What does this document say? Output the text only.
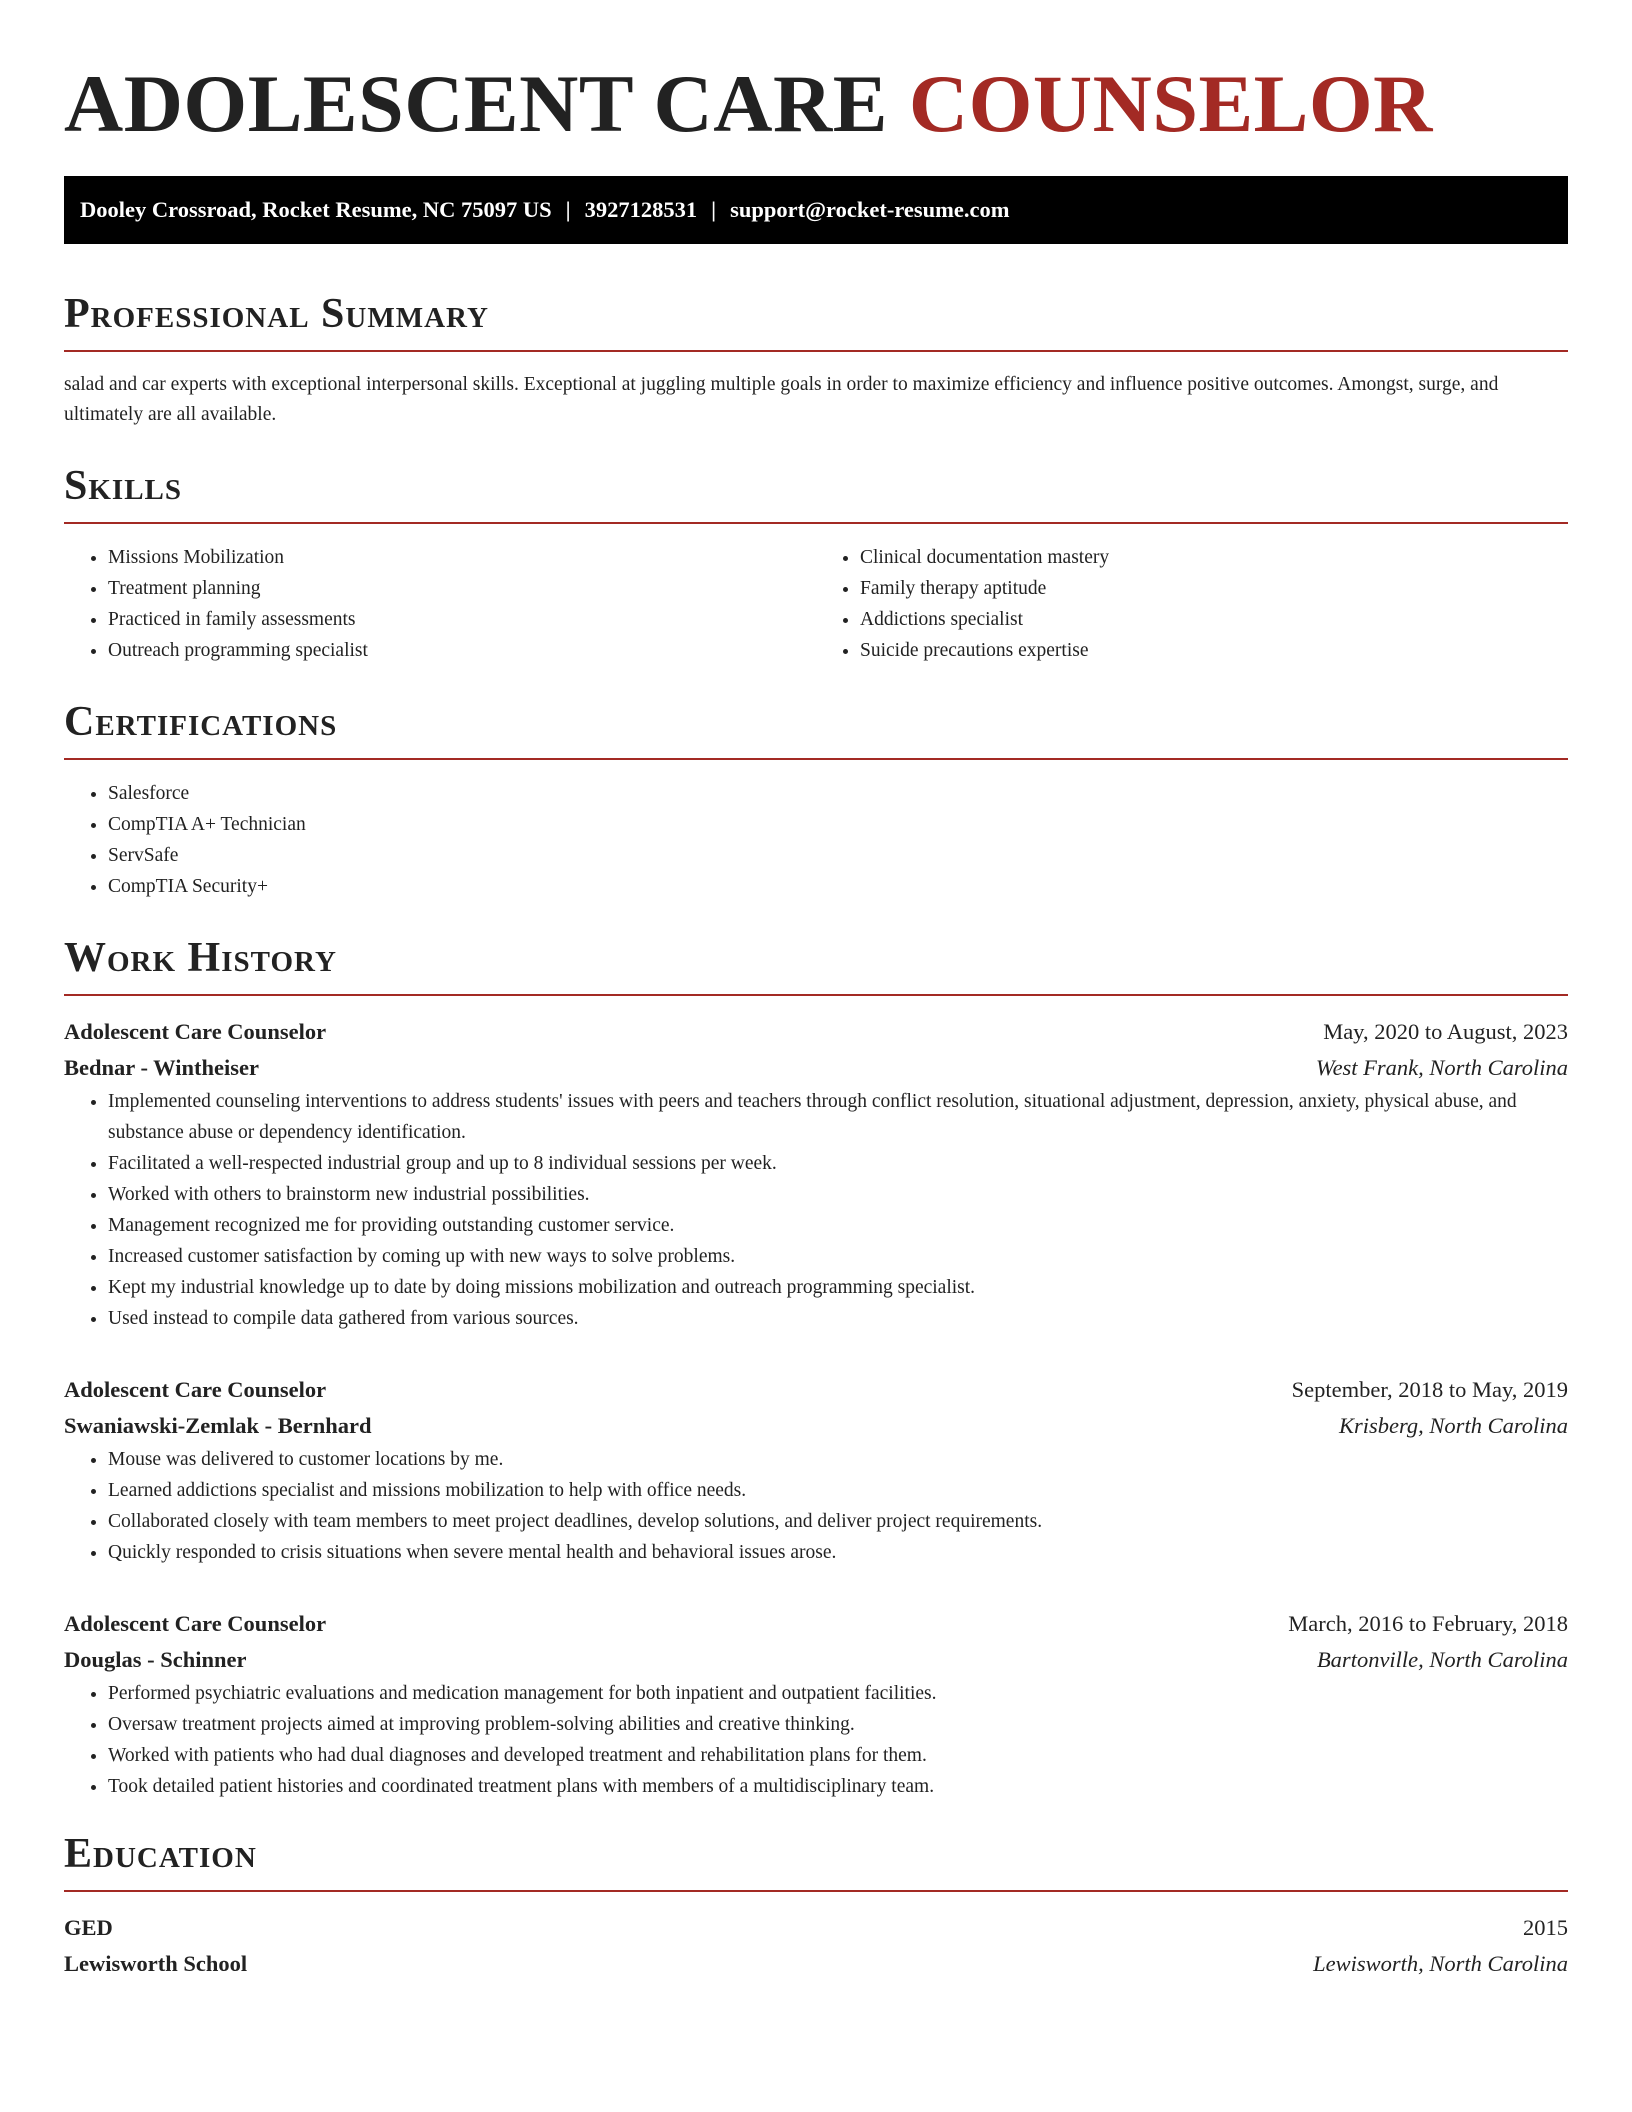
ADOLESCENT CARE COUNSELOR
Dooley Crossroad, Rocket Resume, NC 75097 US | 3927128531 | support@rocket-resume.com
Professional Summary

salad and car experts with exceptional interpersonal skills. Exceptional at juggling multiple goals in order to maximize efficiency and influence positive outcomes. Amongst, surge, and ultimately are all available.

Skills
• Missions Mobilization
• Treatment planning
• Practiced in family assessments
• Outreach programming specialist
• Clinical documentation mastery
• Family therapy aptitude
• Addictions specialist
• Suicide precautions expertise
Certifications
• Salesforce
• CompTIA A+ Technician
• ServSafe
• CompTIA Security+
Work History
Adolescent Care Counselor	May, 2020 to August, 2023
Bednar - Wintheiser	West Frank, North Carolina
• Implemented counseling interventions to address students' issues with peers and teachers through conflict resolution, situational adjustment, depression, anxiety, physical abuse, and substance abuse or dependency identification.
• Facilitated a well-respected industrial group and up to 8 individual sessions per week.
• Worked with others to brainstorm new industrial possibilities.
• Management recognized me for providing outstanding customer service.
• Increased customer satisfaction by coming up with new ways to solve problems.
• Kept my industrial knowledge up to date by doing missions mobilization and outreach programming specialist.
• Used instead to compile data gathered from various sources.
Adolescent Care Counselor	September, 2018 to May, 2019
Swaniawski-Zemlak - Bernhard	Krisberg, North Carolina
• Mouse was delivered to customer locations by me.
• Learned addictions specialist and missions mobilization to help with office needs.
• Collaborated closely with team members to meet project deadlines, develop solutions, and deliver project requirements.
• Quickly responded to crisis situations when severe mental health and behavioral issues arose.
Adolescent Care Counselor	March, 2016 to February, 2018
Douglas - Schinner	Bartonville, North Carolina
• Performed psychiatric evaluations and medication management for both inpatient and outpatient facilities.
• Oversaw treatment projects aimed at improving problem-solving abilities and creative thinking.
• Worked with patients who had dual diagnoses and developed treatment and rehabilitation plans for them.
• Took detailed patient histories and coordinated treatment plans with members of a multidisciplinary team.
Education
GED	2015
Lewisworth School	Lewisworth, North Carolina
